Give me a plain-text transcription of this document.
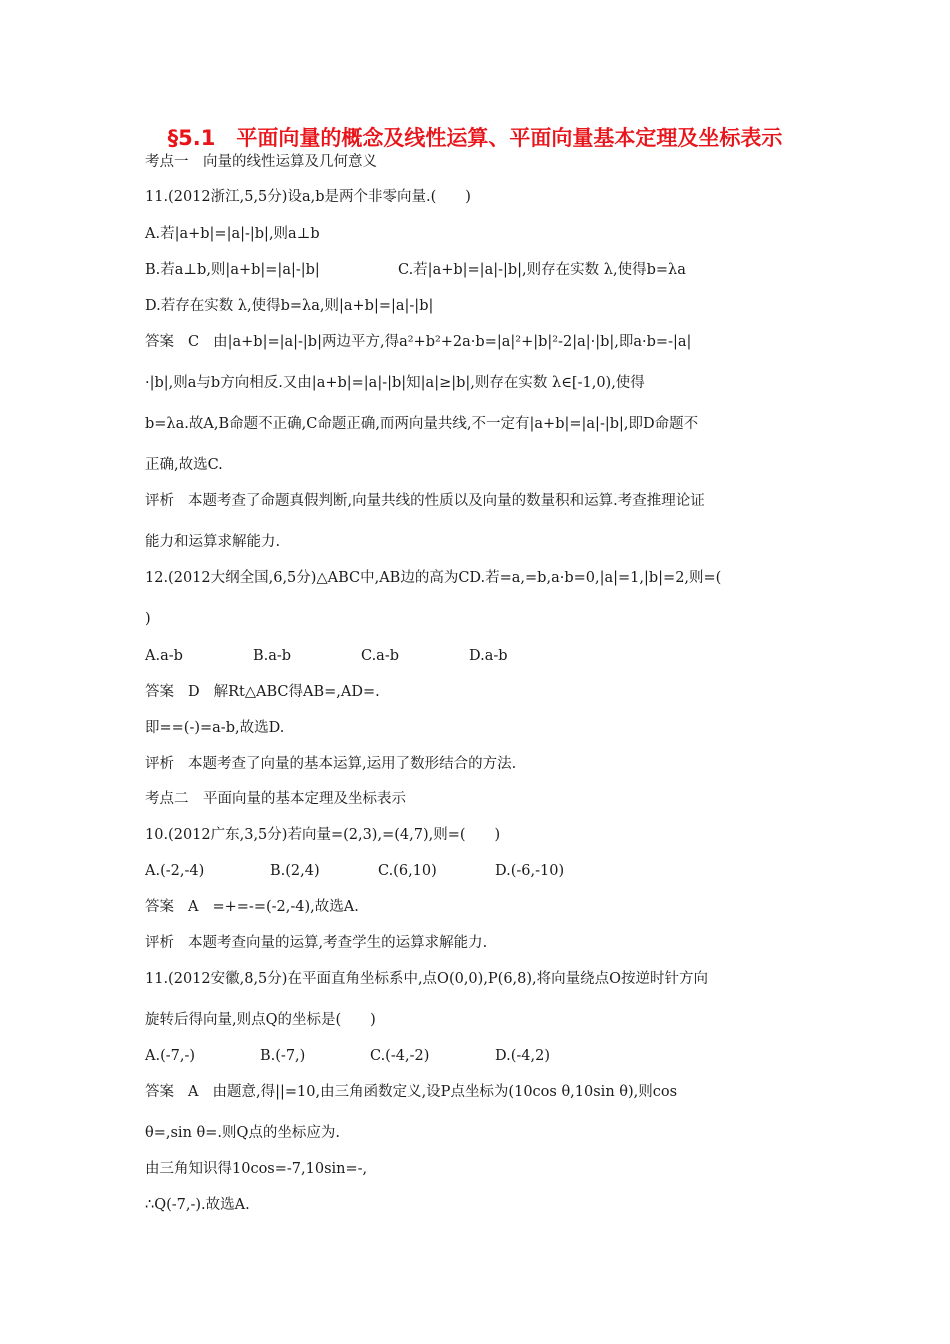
§5.1　平面向量的概念及线性运算、平面向量基本定理及坐标表示
考点一　向量的线性运算及几何意义
11.(2012浙江,5,5分)设a,b是两个非零向量.(　　)
A.若|a+b|=|a|-|b|,则a⊥b
B.若a⊥b,则|a+b|=|a|-|b|	C.若|a+b|=|a|-|b|,则存在实数 λ,使得b=λa
D.若存在实数 λ,使得b=λa,则|a+b|=|a|-|b|
答案 C 由|a+b|=|a|-|b|两边平方,得a²+b²+2a·b=|a|²+|b|²-2|a|·|b|,即a·b=-|a|
·|b|,则a与b方向相反.又由|a+b|=|a|-|b|知|a|≥|b|,则存在实数 λ∈[-1,0),使得
b=λa.故A,B命题不正确,C命题正确,而两向量共线,不一定有|a+b|=|a|-|b|,即D命题不
正确,故选C.
评析 本题考查了命题真假判断,向量共线的性质以及向量的数量积和运算.考查推理论证
能力和运算求解能力.
12.(2012大纲全国,6,5分)△ABC中,AB边的高为CD.若=a,=b,a·b=0,|a|=1,|b|=2,则=(
)
A.a-b	B.a-b	C.a-b	D.a-b
答案 D 解Rt△ABC得AB=,AD=.
即==(-)=a-b,故选D.
评析 本题考查了向量的基本运算,运用了数形结合的方法.
考点二　平面向量的基本定理及坐标表示
10.(2012广东,3,5分)若向量=(2,3),=(4,7),则=(　　)
A.(-2,-4)	B.(2,4)	C.(6,10)	D.(-6,-10)
答案 A =+=-=(-2,-4),故选A.
评析 本题考查向量的运算,考查学生的运算求解能力.
11.(2012安徽,8,5分)在平面直角坐标系中,点O(0,0),P(6,8),将向量绕点O按逆时针方向
旋转后得向量,则点Q的坐标是(　　)
A.(-7,-)	B.(-7,)	C.(-4,-2)	D.(-4,2)
答案 A 由题意,得||=10,由三角函数定义,设P点坐标为(10cos θ,10sin θ),则cos
θ=,sin θ=.则Q点的坐标应为.
由三角知识得10cos=-7,10sin=-,
∴Q(-7,-).故选A.
